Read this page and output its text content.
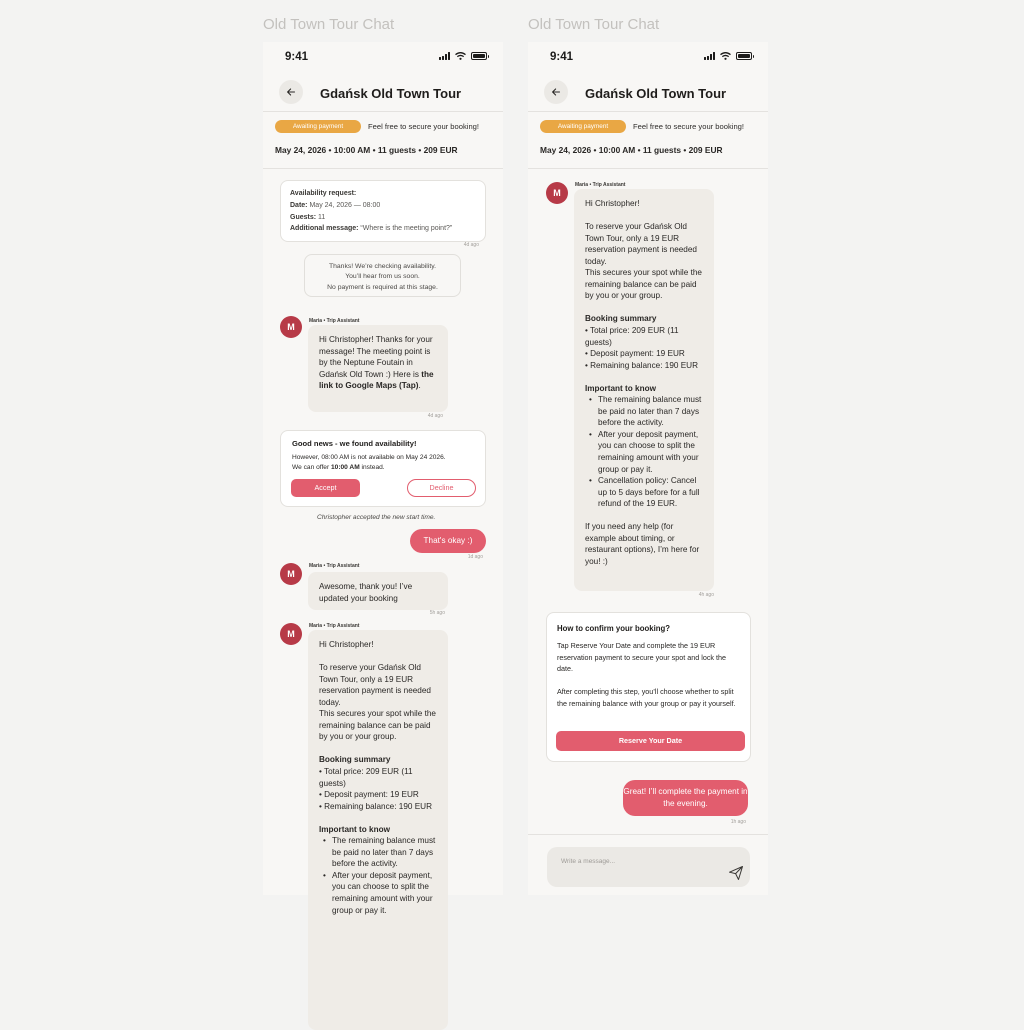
Old Town Tour Chat	Old Town Tour Chat
9:41
Gdańsk Old Town Tour
Awaiting payment	Feel free to secure your booking!
May 24, 2026 • 10:00 AM • 11 guests • 209 EUR
Availability request:
Date: May 24, 2026 — 08:00
Guests: 11
Additional message: “Where is the meeting point?”
4d ago
Thanks! We’re checking availability.
You’ll hear from us soon.
No payment is required at this stage.
M
Maria • Trip Assistant
Hi Christopher! Thanks for your message! The meeting point is by the Neptune Foutain in Gdańsk Old Town :) Here is the link to Google Maps (Tap).
4d ago
Good news - we found availability!
However, 08:00 AM is not available on May 24 2026.
We can offer 10:00 AM instead.
Accept	Decline
Christopher accepted the new start time.
That's okay :)
1d ago
M
Maria • Trip Assistant
Awesome, thank you! I’ve updated your booking
5h ago
M
Maria • Trip Assistant
Hi Christopher!

To reserve your Gdańsk Old Town Tour, only a 19 EUR reservation payment is needed today.
This secures your spot while the remaining balance can be paid by you or your group.

Booking summary
• Total price: 209 EUR (11 guests)
• Deposit payment: 19 EUR
• Remaining balance: 190 EUR

Important to know
• The remaining balance must be paid no later than 7 days before the activity.
• After your deposit payment, you can choose to split the remaining amount with your group or pay it.
9:41
Gdańsk Old Town Tour
Awaiting payment	Feel free to secure your booking!
May 24, 2026 • 10:00 AM • 11 guests • 209 EUR
M
Maria • Trip Assistant
Hi Christopher!

To reserve your Gdańsk Old Town Tour, only a 19 EUR reservation payment is needed today.
This secures your spot while the remaining balance can be paid by you or your group.

Booking summary
• Total price: 209 EUR (11 guests)
• Deposit payment: 19 EUR
• Remaining balance: 190 EUR

Important to know
• The remaining balance must be paid no later than 7 days before the activity.
• After your deposit payment, you can choose to split the remaining amount with your group or pay it.
• Cancellation policy: Cancel up to 5 days before for a full refund of the 19 EUR.

If you need any help (for example about timing, or restaurant options), I’m here for you! :)
4h ago
How to confirm your booking?
Tap Reserve Your Date and complete the 19 EUR reservation payment to secure your spot and lock the date.
After completing this step, you’ll choose whether to split the remaining balance with your group or pay it yourself.
Reserve Your Date
Great! I’ll complete the payment in the evening.
1h ago
Write a message...
